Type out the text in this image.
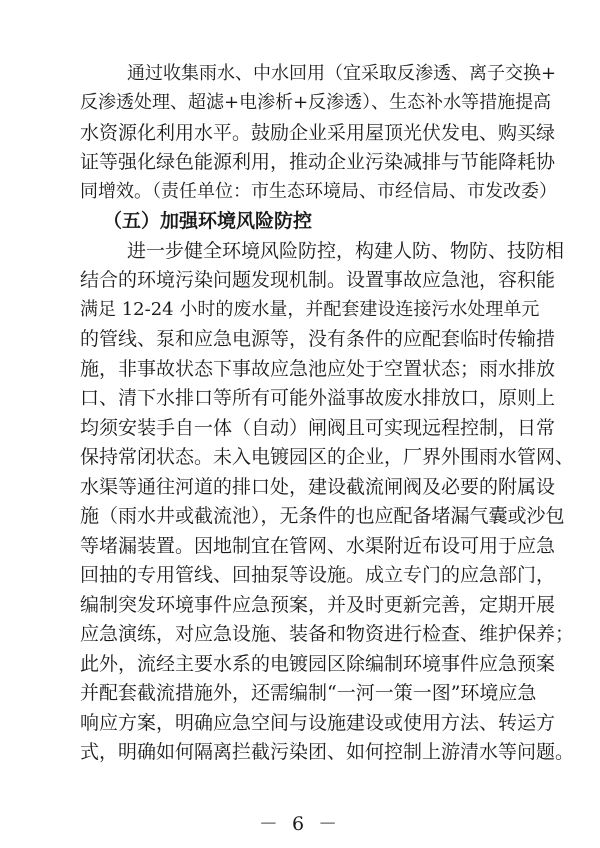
通过收集雨水、中水回用（宜采取反渗透、离子交换+
反渗透处理、超滤+电渗析+反渗透）、生态补水等措施提高
水资源化利用水平。鼓励企业采用屋顶光伏发电、购买绿
证等强化绿色能源利用，推动企业污染减排与节能降耗协
同增效。（责任单位：市生态环境局、市经信局、市发改委）
（五）加强环境风险防控
进一步健全环境风险防控，构建人防、物防、技防相
结合的环境污染问题发现机制。设置事故应急池，容积能
满足 12-24 小时的废水量，并配套建设连接污水处理单元
的管线、泵和应急电源等，没有条件的应配套临时传输措
施，非事故状态下事故应急池应处于空置状态；雨水排放
口、清下水排口等所有可能外溢事故废水排放口，原则上
均须安装手自一体（自动）闸阀且可实现远程控制，日常
保持常闭状态。未入电镀园区的企业，厂界外围雨水管网、
水渠等通往河道的排口处，建设截流闸阀及必要的附属设
施（雨水井或截流池），无条件的也应配备堵漏气囊或沙包
等堵漏装置。因地制宜在管网、水渠附近布设可用于应急
回抽的专用管线、回抽泵等设施。成立专门的应急部门，
编制突发环境事件应急预案，并及时更新完善，定期开展
应急演练，对应急设施、装备和物资进行检查、维护保养；
此外，流经主要水系的电镀园区除编制环境事件应急预案
并配套截流措施外，还需编制“一河一策一图”环境应急
响应方案，明确应急空间与设施建设或使用方法、转运方
式，明确如何隔离拦截污染团、如何控制上游清水等问题。
－ 6 －
